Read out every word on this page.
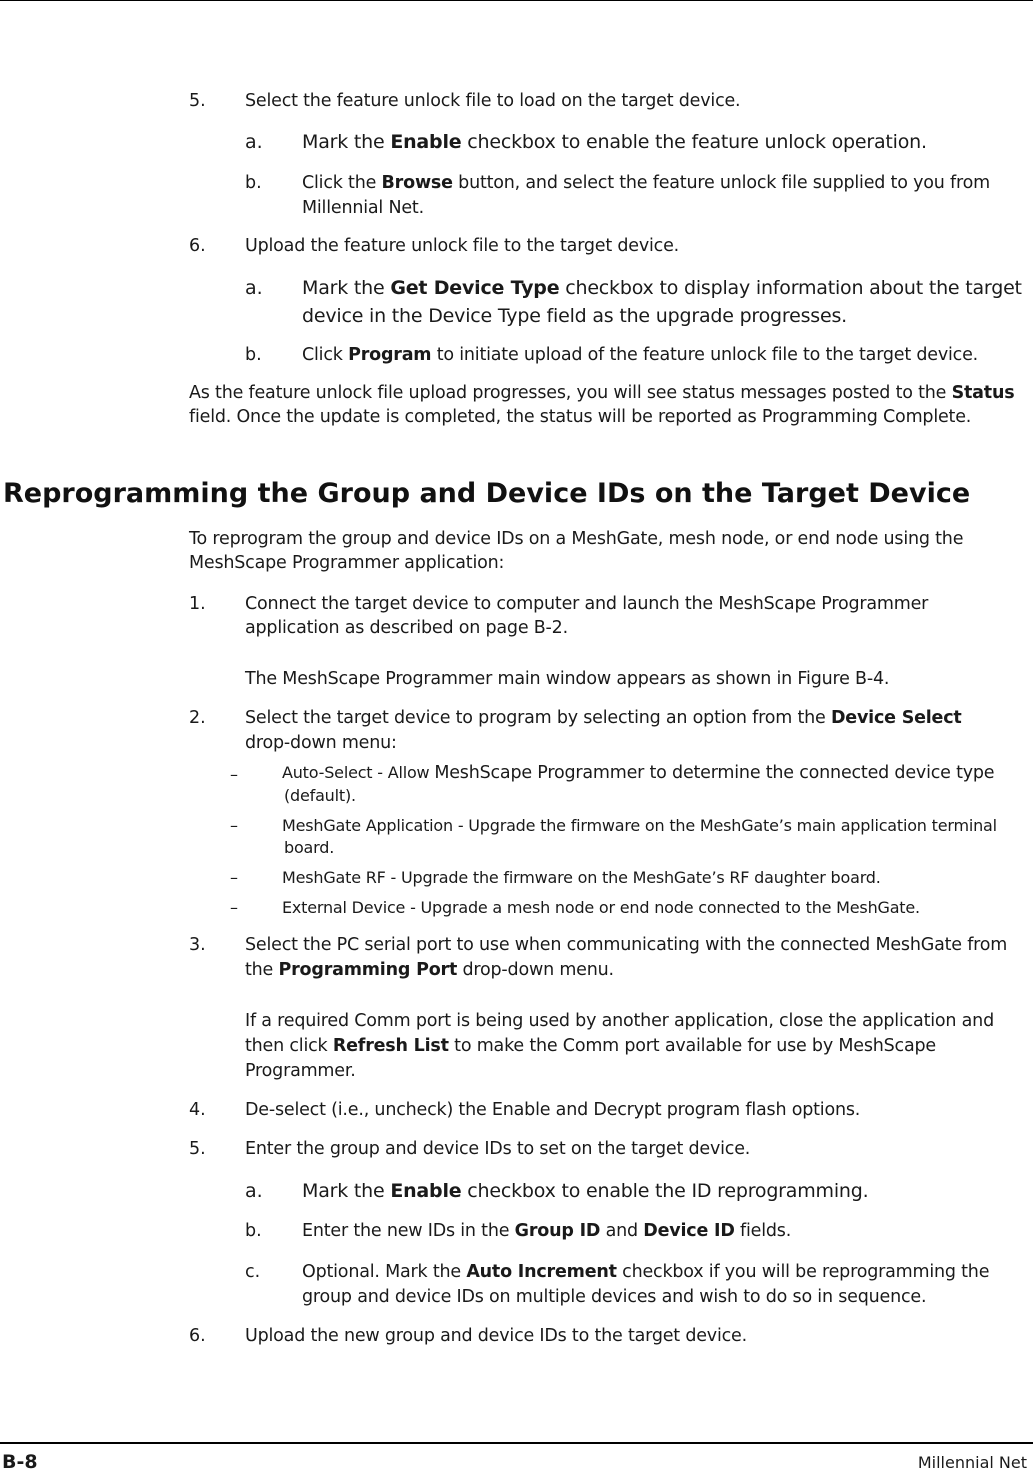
5. Select the feature unlock file to load on the target device.
a. Mark the Enable checkbox to enable the feature unlock operation.
b. Click the Browse button, and select the feature unlock file supplied to you from
Millennial Net.
6. Upload the feature unlock file to the target device.
a. Mark the Get Device Type checkbox to display information about the target
device in the Device Type field as the upgrade progresses.
b. Click Program to initiate upload of the feature unlock file to the target device.
As the feature unlock file upload progresses, you will see status messages posted to the Status
field. Once the update is completed, the status will be reported as Programming Complete.
Reprogramming the Group and Device IDs on the Target Device
To reprogram the group and device IDs on a MeshGate, mesh node, or end node using the
MeshScape Programmer application:
1. Connect the target device to computer and launch the MeshScape Programmer
application as described on page B-2.
The MeshScape Programmer main window appears as shown in Figure B-4.
2. Select the target device to program by selecting an option from the Device Select
drop-down menu:
–	Auto-Select - Allow MeshScape Programmer to determine the connected device type
(default).
–	MeshGate Application - Upgrade the firmware on the MeshGate’s main application terminal
board.
–	MeshGate RF - Upgrade the firmware on the MeshGate’s RF daughter board.
–	External Device - Upgrade a mesh node or end node connected to the MeshGate.
3. Select the PC serial port to use when communicating with the connected MeshGate from
the Programming Port drop-down menu.
If a required Comm port is being used by another application, close the application and
then click Refresh List to make the Comm port available for use by MeshScape
Programmer.
4. De-select (i.e., uncheck) the Enable and Decrypt program flash options.
5. Enter the group and device IDs to set on the target device.
a. Mark the Enable checkbox to enable the ID reprogramming.
b. Enter the new IDs in the Group ID and Device ID fields.
c. Optional. Mark the Auto Increment checkbox if you will be reprogramming the
group and device IDs on multiple devices and wish to do so in sequence.
6. Upload the new group and device IDs to the target device.
B-8	Millennial Net
